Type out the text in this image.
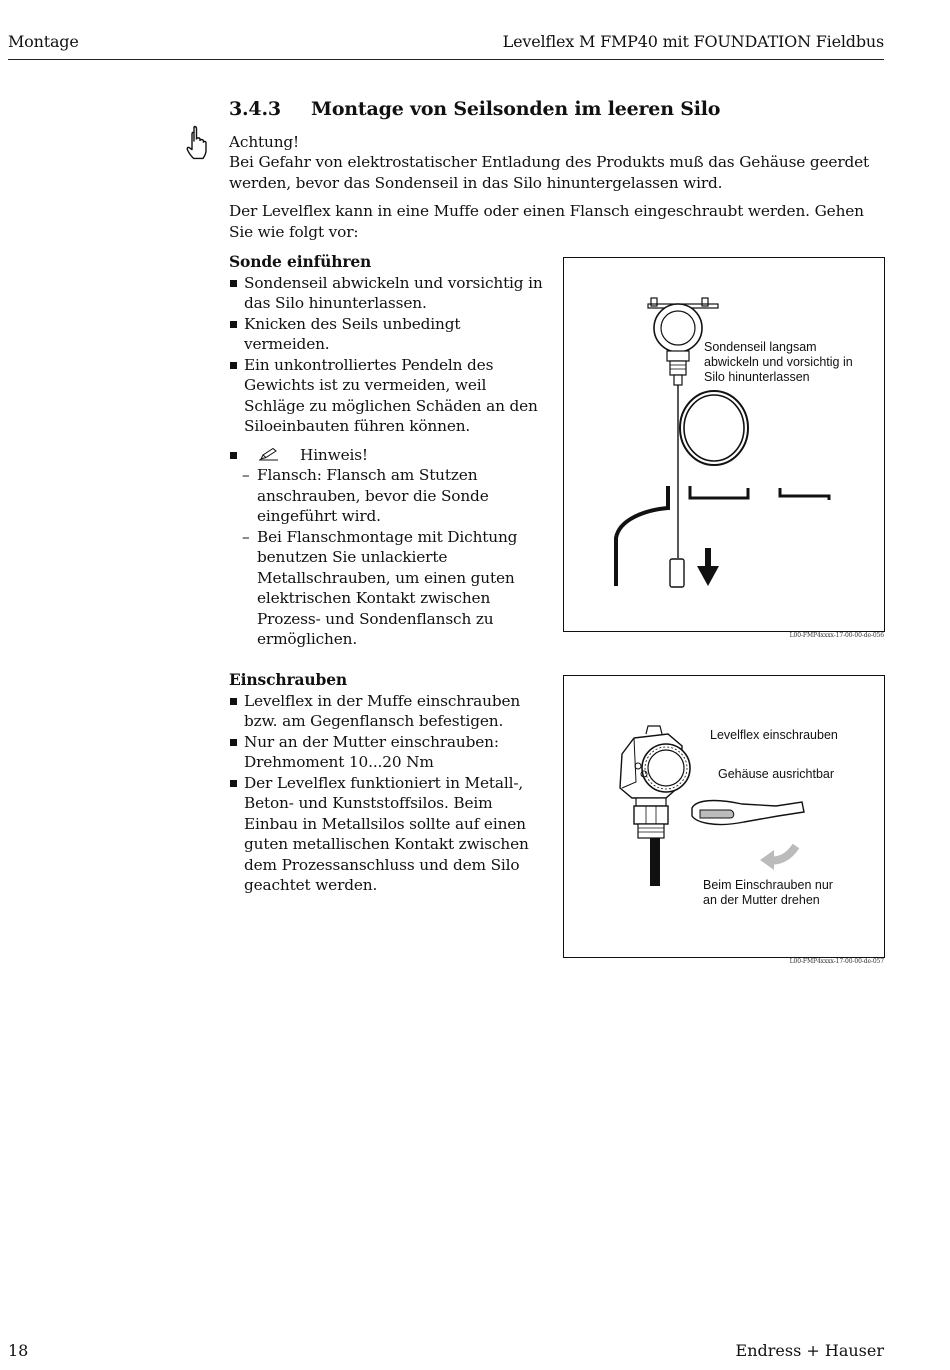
Montage	Levelflex M FMP40 mit FOUNDATION Fieldbus
3.4.3 Montage von Seilsonden im leeren Silo
Achtung!
Bei Gefahr von elektrostatischer Entladung des Produkts muß das Gehäuse geerdet werden, bevor das Sondenseil in das Silo hinuntergelassen wird.
Der Levelflex kann in eine Muffe oder einen Flansch eingeschraubt werden. Gehen Sie wie folgt vor:
Sonde einführen
Sondenseil abwickeln und vorsichtig in das Silo hinunterlassen.
Knicken des Seils unbedingt vermeiden.
Ein unkontrolliertes Pendeln des Gewichts ist zu vermeiden, weil Schläge zu möglichen Schäden an den Siloeinbauten führen können.
Hinweis!
– Flansch: Flansch am Stutzen anschrauben, bevor die Sonde eingeführt wird.
– Bei Flanschmontage mit Dichtung benutzen Sie unlackierte Metallschrauben, um einen guten elektrischen Kontakt zwischen Prozess- und Sondenflansch zu ermöglichen.
Sondenseil langsam abwickeln und vorsichtig in Silo hinunterlassen
L00-FMP4xxxx-17-00-00-de-056
Einschrauben
Levelflex in der Muffe einschrauben bzw. am Gegenflansch befestigen.
Nur an der Mutter einschrauben: Drehmoment 10...20 Nm
Der Levelflex funktioniert in Metall-, Beton- und Kunststoffsilos. Beim Einbau in Metallsilos sollte auf einen guten metallischen Kontakt zwischen dem Prozessanschluss und dem Silo geachtet werden.
Levelflex einschrauben
Gehäuse ausrichtbar
Beim Einschrauben nur an der Mutter drehen
L00-FMP4xxxx-17-00-00-de-057
18	Endress + Hauser
